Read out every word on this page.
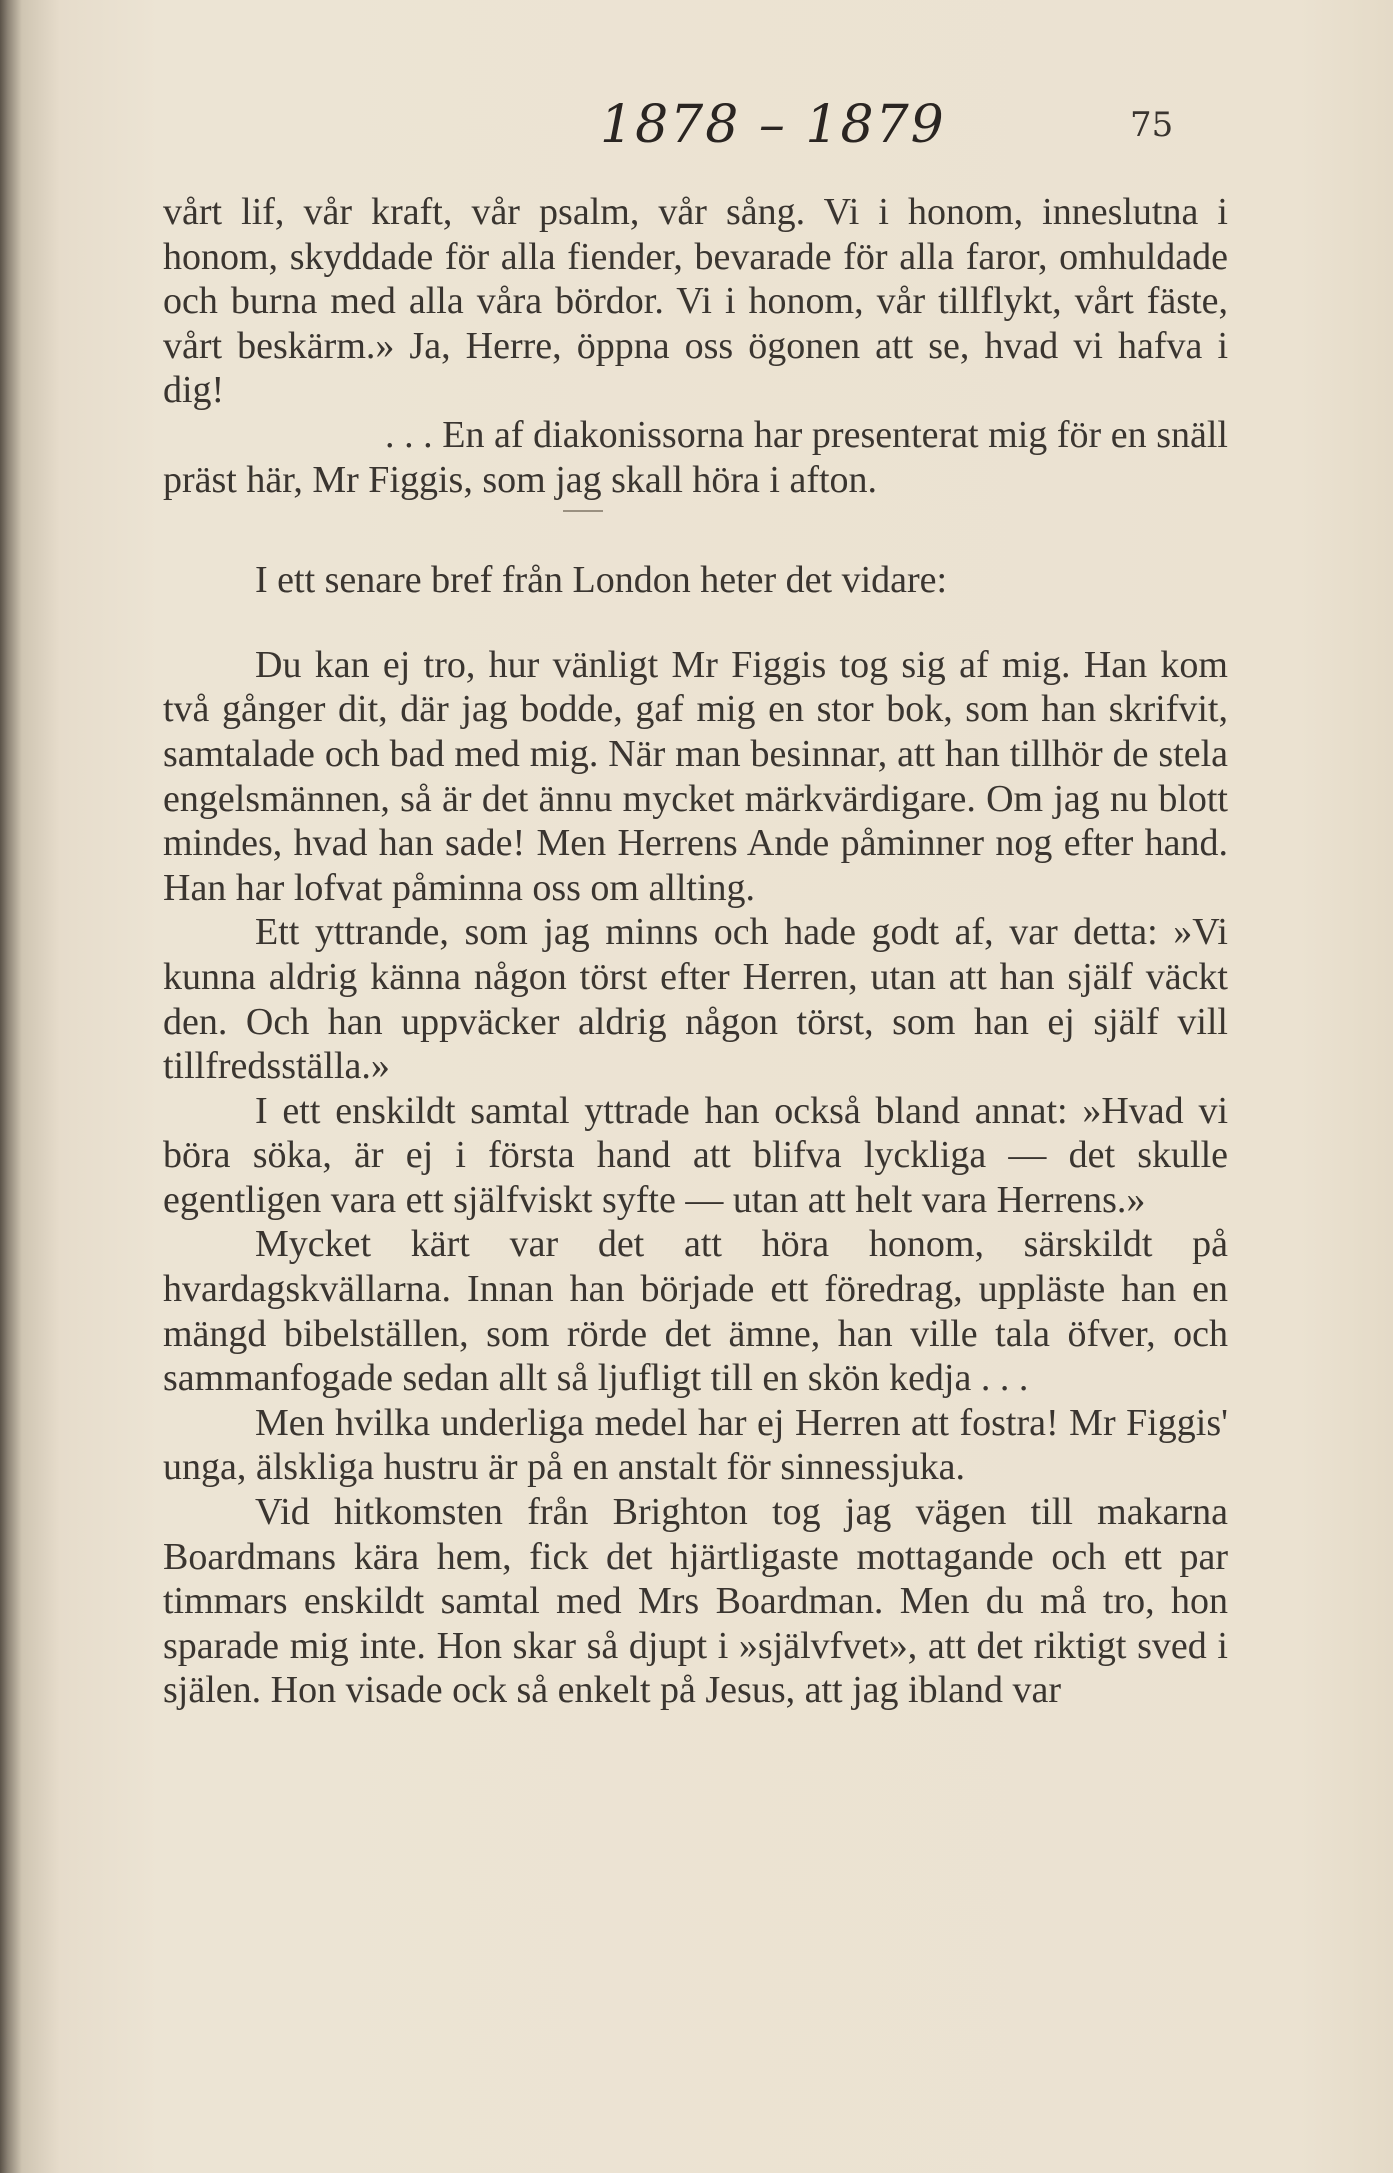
1878 – 1879	75

vårt lif, vår kraft, vår psalm, vår sång. Vi i honom, inneslutna i honom, skyddade för alla fiender, bevarade för alla faror, omhuldade och burna med alla våra bördor. Vi i honom, vår tillflykt, vårt fäste, vårt beskärm.» Ja, Herre, öppna oss ögonen att se, hvad vi hafva i dig!

. . . En af diakonissorna har presenterat mig för en snäll präst här, Mr Figgis, som jag skall höra i afton.

I ett senare bref från London heter det vidare:

Du kan ej tro, hur vänligt Mr Figgis tog sig af mig. Han kom två gånger dit, där jag bodde, gaf mig en stor bok, som han skrifvit, samtalade och bad med mig. När man besinnar, att han tillhör de stela engelsmännen, så är det ännu mycket märkvärdigare. Om jag nu blott mindes, hvad han sade! Men Herrens Ande påminner nog efter hand. Han har lofvat påminna oss om allting.

Ett yttrande, som jag minns och hade godt af, var detta: »Vi kunna aldrig känna någon törst efter Herren, utan att han själf väckt den. Och han uppväcker aldrig någon törst, som han ej själf vill tillfredsställa.»

I ett enskildt samtal yttrade han också bland annat: »Hvad vi böra söka, är ej i första hand att blifva lyckliga — det skulle egentligen vara ett själfviskt syfte — utan att helt vara Herrens.»

Mycket kärt var det att höra honom, särskildt på hvardagskvällarna. Innan han började ett föredrag, uppläste han en mängd bibelställen, som rörde det ämne, han ville tala öfver, och sammanfogade sedan allt så ljufligt till en skön kedja . . .

Men hvilka underliga medel har ej Herren att fostra! Mr Figgis' unga, älskliga hustru är på en anstalt för sinnessjuka.

Vid hitkomsten från Brighton tog jag vägen till makarna Boardmans kära hem, fick det hjärtligaste mottagande och ett par timmars enskildt samtal med Mrs Boardman. Men du må tro, hon sparade mig inte. Hon skar så djupt i »självfvet», att det riktigt sved i själen. Hon visade ock så enkelt på Jesus, att jag ibland var
